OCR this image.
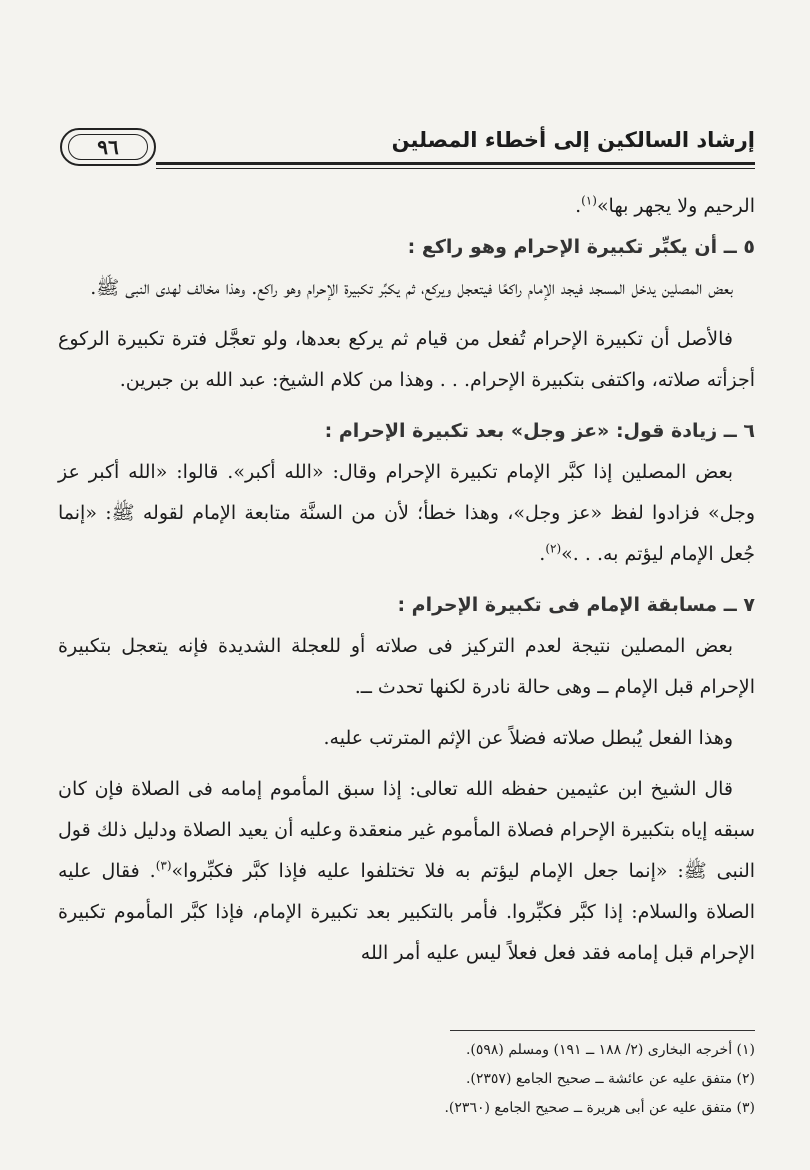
٩٦	إرشاد السالكين إلى أخطاء المصلين

الرحيم ولا يجهر بها»$^{(١)}$.

٥ ــ أن يكبِّر تكبيرة الإحرام وهو راكع :

بعض المصلين يدخل المسجد فيجد الإمام راكعًا فيتعجل ويركع، ثم يكبِّر تكبيرة الإحرام وهو راكع. وهذا مخالف لهدى النبى ﷺ.

فالأصل أن تكبيرة الإحرام تُفعل من قيام ثم يركع بعدها، ولو تعجَّل فترة تكبيرة الركوع أجزأته صلاته، واكتفى بتكبيرة الإحرام. . . وهذا من كلام الشيخ: عبد الله بن جبرين.

٦ ــ زيادة قول: «عز وجل» بعد تكبيرة الإحرام :

بعض المصلين إذا كبَّر الإمام تكبيرة الإحرام وقال: «الله أكبر». قالوا: «الله أكبر عز وجل» فزادوا لفظ «عز وجل»، وهذا خطأ؛ لأن من السنَّة متابعة الإمام لقوله ﷺ: «إنما جُعل الإمام ليؤتم به. . .»$^{(٢)}$.

٧ ــ مسابقة الإمام فى تكبيرة الإحرام :

بعض المصلين نتيجة لعدم التركيز فى صلاته أو للعجلة الشديدة فإنه يتعجل بتكبيرة الإحرام قبل الإمام ــ وهى حالة نادرة لكنها تحدث ــ.

وهذا الفعل يُبطل صلاته فضلاً عن الإثم المترتب عليه.

قال الشيخ ابن عثيمين حفظه الله تعالى: إذا سبق المأموم إمامه فى الصلاة فإن كان سبقه إياه بتكبيرة الإحرام فصلاة المأموم غير منعقدة وعليه أن يعيد الصلاة ودليل ذلك قول النبى ﷺ: «إنما جعل الإمام ليؤتم به فلا تختلفوا عليه فإذا كبَّر فكبِّروا»$^{(٣)}$. فقال عليه الصلاة والسلام: إذا كبَّر فكبِّروا. فأمر بالتكبير بعد تكبيرة الإمام، فإذا كبَّر المأموم تكبيرة الإحرام قبل إمامه فقد فعل فعلاً ليس عليه أمر الله

(١) أخرجه البخارى (٢/ ١٨٨ ــ ١٩١) ومسلم (٥٩٨).
(٢) متفق عليه عن عائشة ــ صحيح الجامع (٢٣٥٧).
(٣) متفق عليه عن أبى هريرة ــ صحيح الجامع (٢٣٦٠).
